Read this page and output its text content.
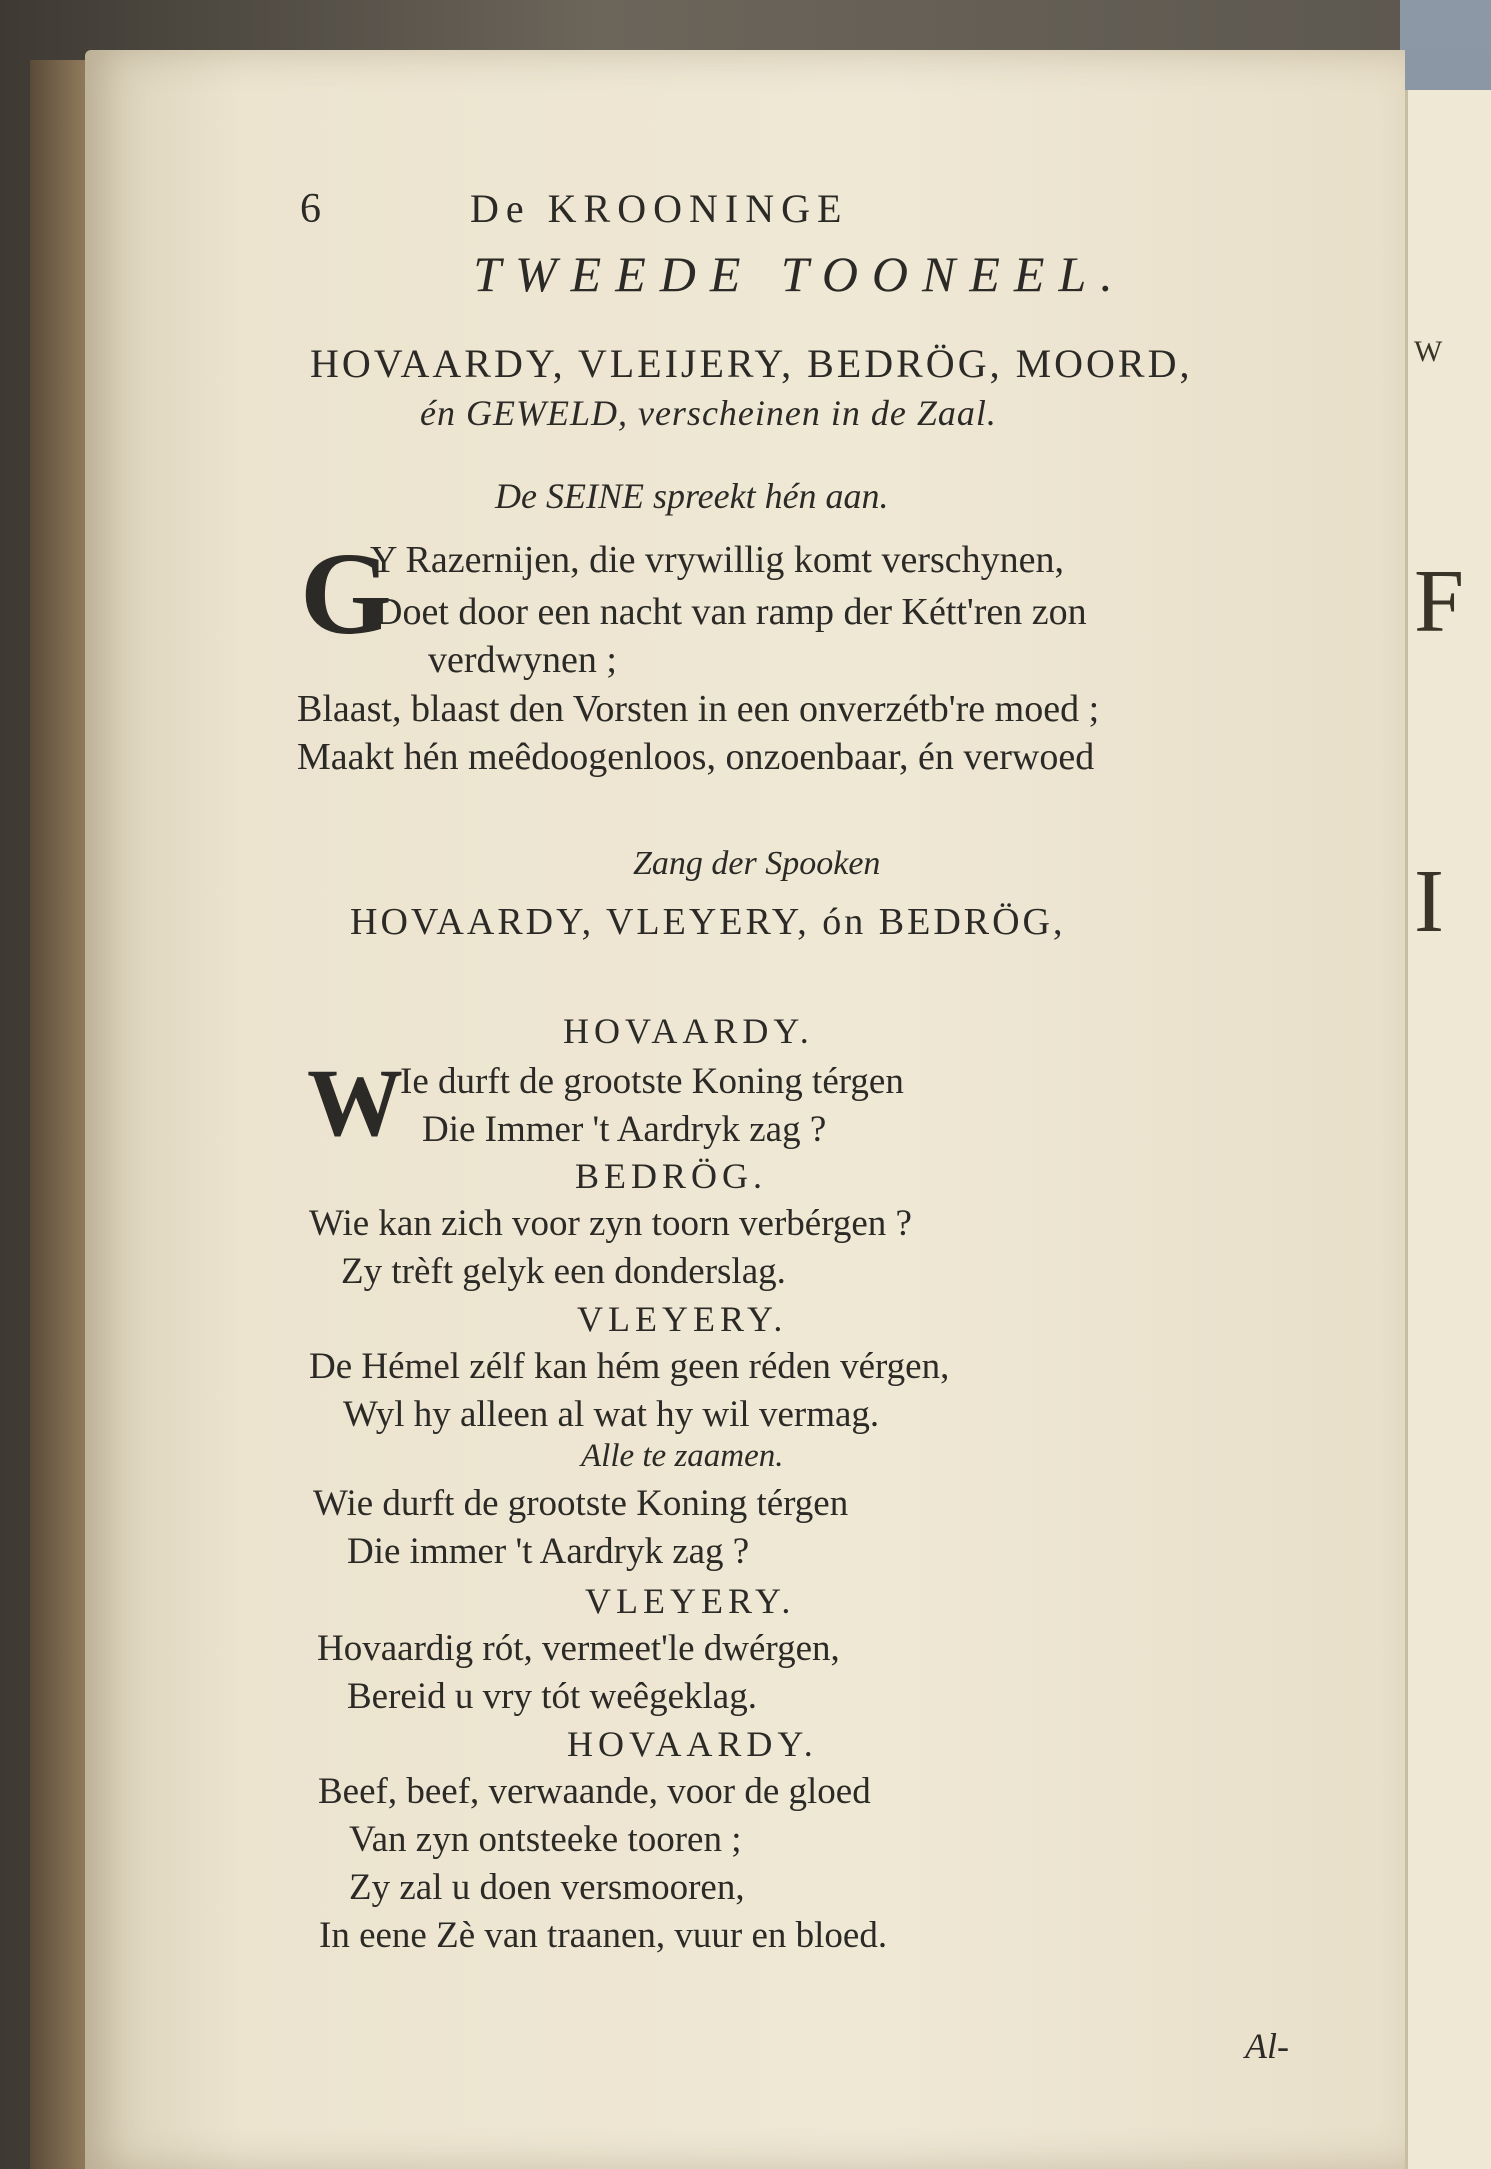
W
F
I
6	De KROONINGE
TWEEDE TOONEEL.
HOVAARDY, VLEIJERY, BEDRÖG, MOORD,
én GEWELD, verscheinen in de Zaal.
De SEINE spreekt hén aan.
G
Y Razernijen, die vrywillig komt verschynen,
Doet door een nacht van ramp der Kétt'ren zon
verdwynen ;
Blaast, blaast den Vorsten in een onverzétb're moed ;
Maakt hén meêdoogenloos, onzoenbaar, én verwoed
Zang der Spooken
HOVAARDY, VLEYERY, ón BEDRÖG,
HOVAARDY.
W
Ie durft de grootste Koning térgen
Die Immer 't Aardryk zag ?
BEDRÖG.
Wie kan zich voor zyn toorn verbérgen ?
Zy trèft gelyk een donderslag.
VLEYERY.
De Hémel zélf kan hém geen réden vérgen,
Wyl hy alleen al wat hy wil vermag.
Alle te zaamen.
Wie durft de grootste Koning térgen
Die immer 't Aardryk zag ?
VLEYERY.
Hovaardig rót, vermeet'le dwérgen,
Bereid u vry tót weêgeklag.
HOVAARDY.
Beef, beef, verwaande, voor de gloed
Van zyn ontsteeke tooren ;
Zy zal u doen versmooren,
In eene Zè van traanen, vuur en bloed.
Al-
